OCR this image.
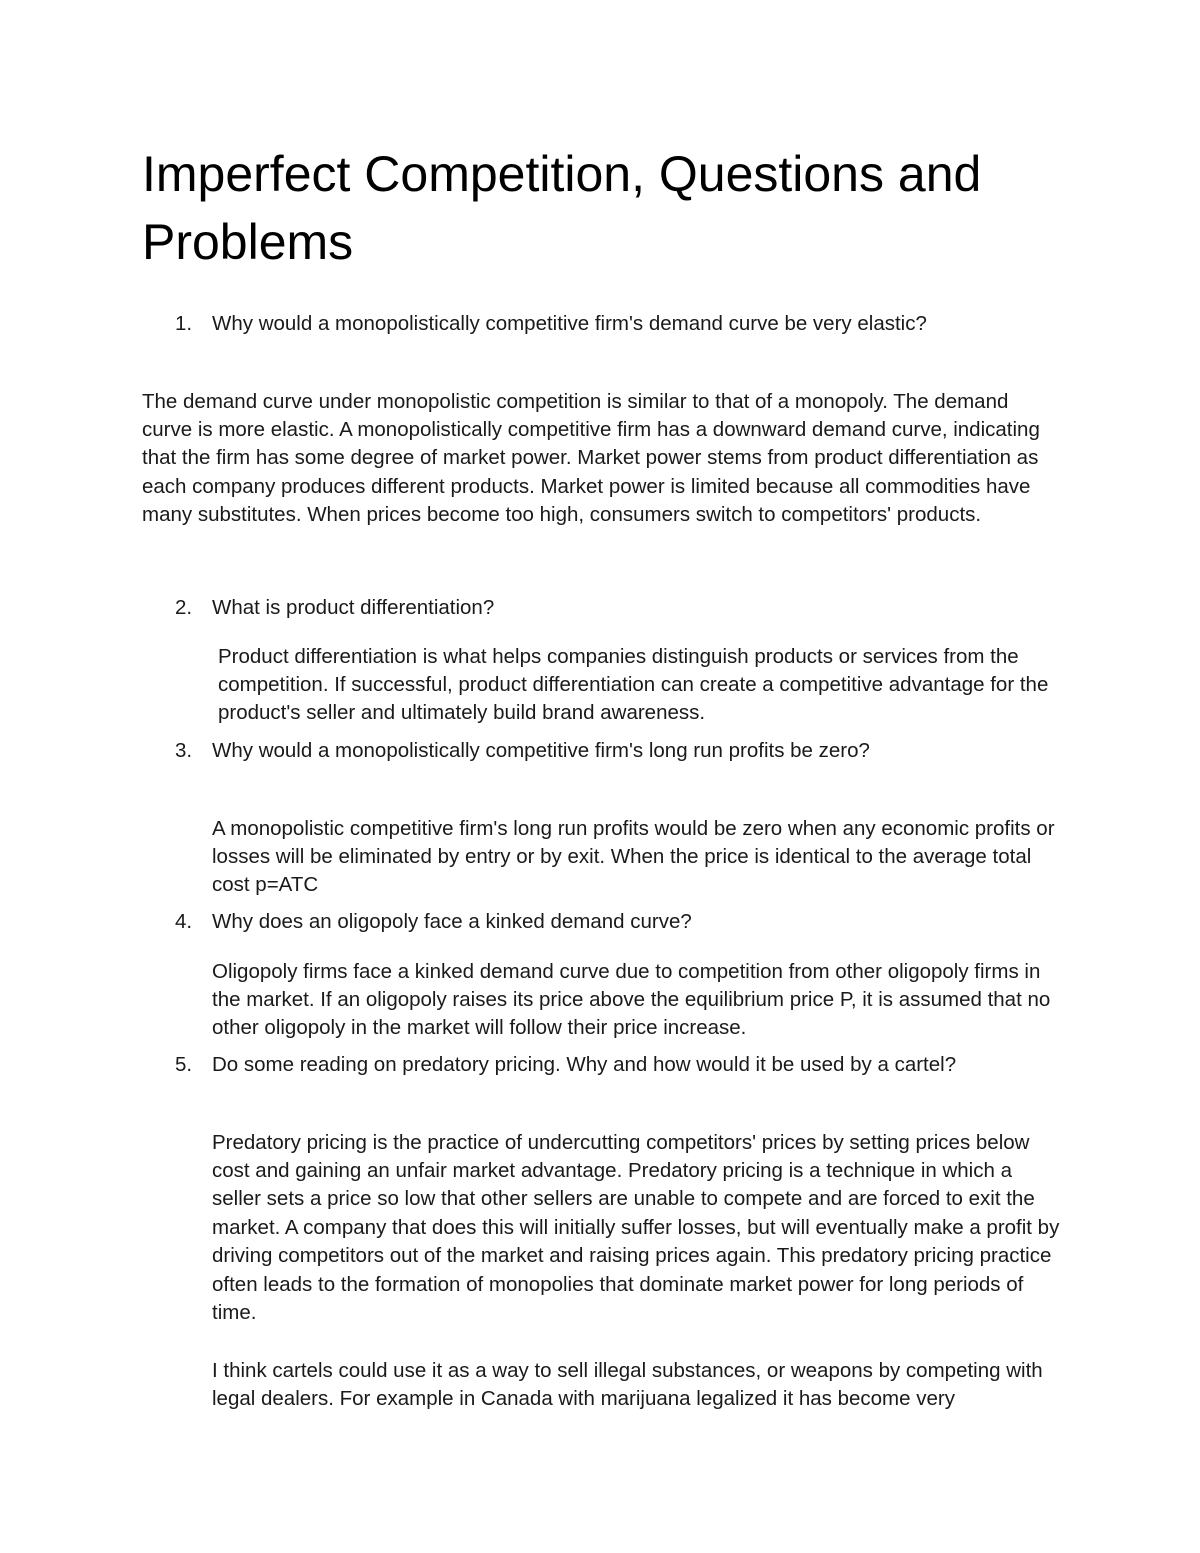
Imperfect Competition, Questions and Problems
1. Why would a monopolistically competitive firm's demand curve be very elastic?

The demand curve under monopolistic competition is similar to that of a monopoly. The demand curve is more elastic. A monopolistically competitive firm has a downward demand curve, indicating that the firm has some degree of market power. Market power stems from product differentiation as each company produces different products. Market power is limited because all commodities have many substitutes. When prices become too high, consumers switch to competitors' products.

2. What is product differentiation?

Product differentiation is what helps companies distinguish products or services from the competition. If successful, product differentiation can create a competitive advantage for the product's seller and ultimately build brand awareness.

3. Why would a monopolistically competitive firm's long run profits be zero?

A monopolistic competitive firm's long run profits would be zero when any economic profits or losses will be eliminated by entry or by exit. When the price is identical to the average total cost p=ATC

4. Why does an oligopoly face a kinked demand curve?

Oligopoly firms face a kinked demand curve due to competition from other oligopoly firms in the market. If an oligopoly raises its price above the equilibrium price P, it is assumed that no other oligopoly in the market will follow their price increase.

5. Do some reading on predatory pricing. Why and how would it be used by a cartel?

Predatory pricing is the practice of undercutting competitors' prices by setting prices below cost and gaining an unfair market advantage. Predatory pricing is a technique in which a seller sets a price so low that other sellers are unable to compete and are forced to exit the market. A company that does this will initially suffer losses, but will eventually make a profit by driving competitors out of the market and raising prices again. This predatory pricing practice often leads to the formation of monopolies that dominate market power for long periods of time.

I think cartels could use it as a way to sell illegal substances, or weapons by competing with legal dealers. For example in Canada with marijuana legalized it has become very
